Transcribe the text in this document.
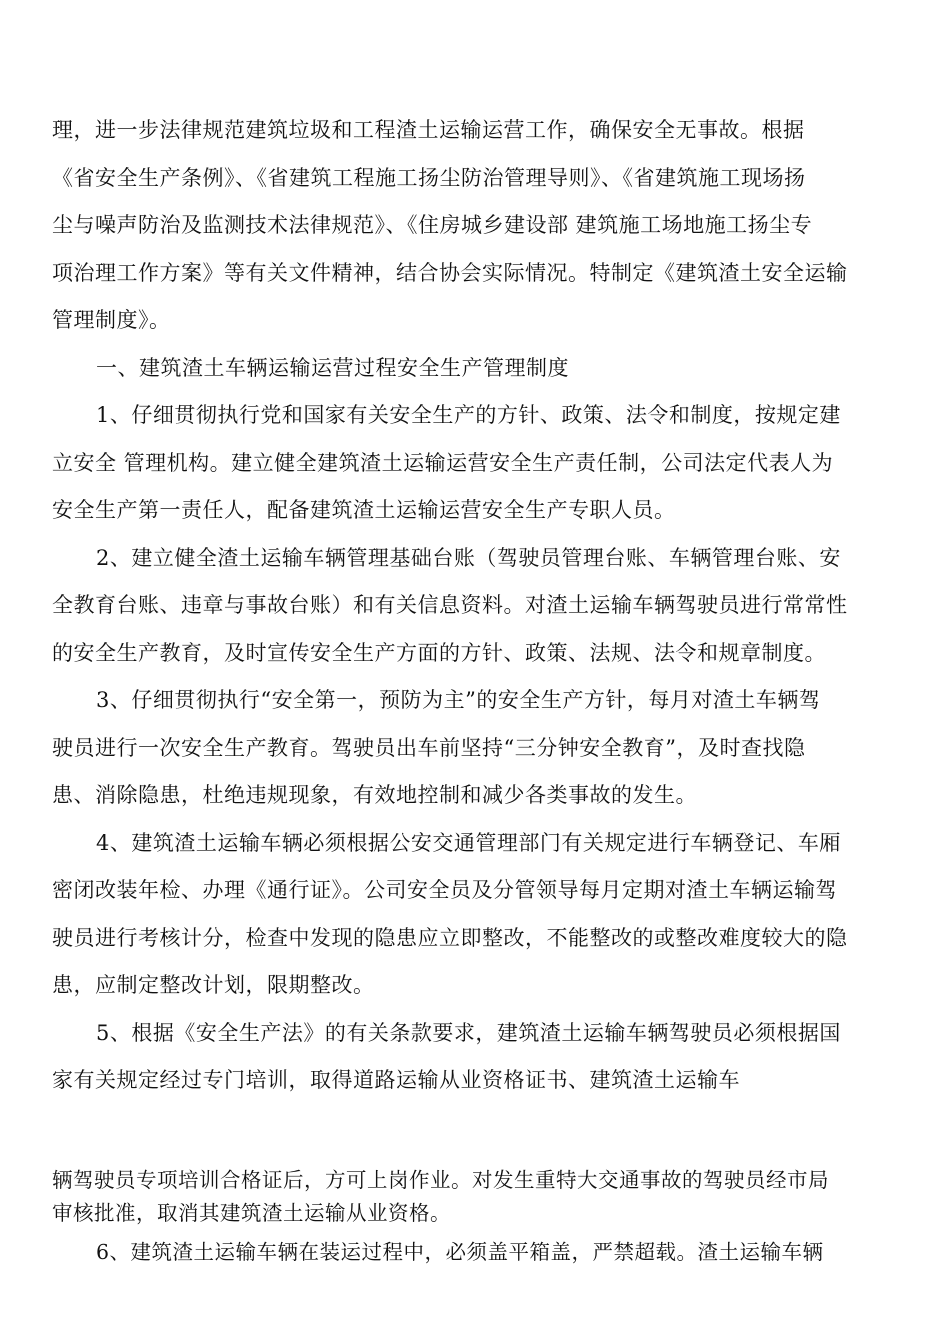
理，进一步法律规范建筑垃圾和工程渣土运输运营工作，确保安全无事故。根据
《省安全生产条例》、《省建筑工程施工扬尘防治管理导则》、《省建筑施工现场扬
尘与噪声防治及监测技术法律规范》、《住房城乡建设部 建筑施工场地施工扬尘专
项治理工作方案》等有关文件精神，结合协会实际情况。特制定《建筑渣土安全运输
管理制度》。
一、建筑渣土车辆运输运营过程安全生产管理制度
1、仔细贯彻执行党和国家有关安全生产的方针、政策、法令和制度，按规定建
立安全 管理机构。建立健全建筑渣土运输运营安全生产责任制，公司法定代表人为
安全生产第一责任人，配备建筑渣土运输运营安全生产专职人员。
2、建立健全渣土运输车辆管理基础台账（驾驶员管理台账、车辆管理台账、安
全教育台账、违章与事故台账）和有关信息资料。对渣土运输车辆驾驶员进行常常性
的安全生产教育，及时宣传安全生产方面的方针、政策、法规、法令和规章制度。
3、仔细贯彻执行“安全第一，预防为主”的安全生产方针，每月对渣土车辆驾
驶员进行一次安全生产教育。驾驶员出车前坚持“三分钟安全教育”，及时查找隐
患、消除隐患，杜绝违规现象，有效地控制和减少各类事故的发生。
4、建筑渣土运输车辆必须根据公安交通管理部门有关规定进行车辆登记、车厢
密闭改装年检、办理《通行证》。公司安全员及分管领导每月定期对渣土车辆运输驾
驶员进行考核计分，检查中发现的隐患应立即整改，不能整改的或整改难度较大的隐
患，应制定整改计划，限期整改。
5、根据《安全生产法》的有关条款要求，建筑渣土运输车辆驾驶员必须根据国
家有关规定经过专门培训，取得道路运输从业资格证书、建筑渣土运输车
辆驾驶员专项培训合格证后，方可上岗作业。对发生重特大交通事故的驾驶员经市局
审核批准，取消其建筑渣土运输从业资格。
6、建筑渣土运输车辆在装运过程中，必须盖平箱盖，严禁超载。渣土运输车辆
